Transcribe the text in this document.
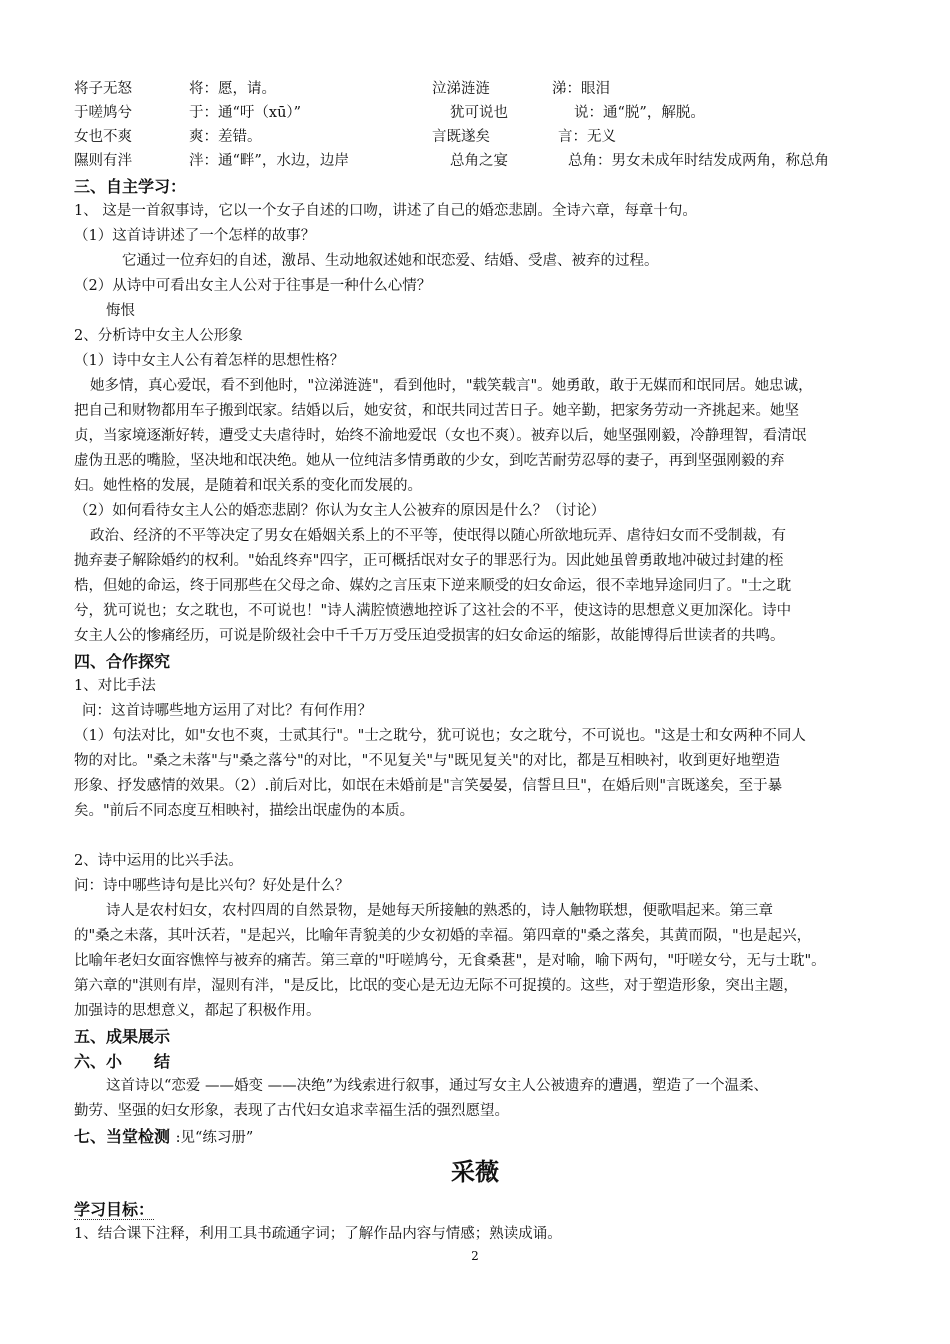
将子无怒	将：愿，请。	泣涕涟涟	涕：眼泪
于嗟鸠兮	于：通“吁（xū）”	犹可说也	说：通“脱”，解脱。
女也不爽	爽：差错。	言既遂矣	言：无义
隰则有泮	泮：通“畔”，水边，边岸	总角之宴	总角：男女未成年时结发成两角，称总角
三、自主学习：
1、 这是一首叙事诗，它以一个女子自述的口吻，讲述了自己的婚恋悲剧。全诗六章，每章十句。
（1）这首诗讲述了一个怎样的故事？
它通过一位弃妇的自述，激昂、生动地叙述她和氓恋爱、结婚、受虐、被弃的过程。
（2）从诗中可看出女主人公对于往事是一种什么心情？
悔恨
2、分析诗中女主人公形象
（1）诗中女主人公有着怎样的思想性格？
她多情，真心爱氓，看不到他时，"泣涕涟涟"，看到他时，"载笑载言"。她勇敢，敢于无媒而和氓同居。她忠诚，
把自己和财物都用车子搬到氓家。结婚以后，她安贫，和氓共同过苦日子。她辛勤，把家务劳动一齐挑起来。她坚
贞，当家境逐渐好转，遭受丈夫虐待时，始终不渝地爱氓（女也不爽）。被弃以后，她坚强刚毅，冷静理智，看清氓
虚伪丑恶的嘴脸，坚决地和氓决绝。她从一位纯洁多情勇敢的少女，到吃苦耐劳忍辱的妻子，再到坚强刚毅的弃
妇。她性格的发展，是随着和氓关系的变化而发展的。
（2）如何看待女主人公的婚恋悲剧？你认为女主人公被弃的原因是什么？（讨论）
政治、经济的不平等决定了男女在婚姻关系上的不平等，使氓得以随心所欲地玩弄、虐待妇女而不受制裁，有
抛弃妻子解除婚约的权利。"始乱终弃"四字，正可概括氓对女子的罪恶行为。因此她虽曾勇敢地冲破过封建的桎
梏，但她的命运，终于同那些在父母之命、媒妁之言压束下逆来顺受的妇女命运，很不幸地异途同归了。"士之耽
兮，犹可说也；女之耽也，不可说也！"诗人满腔愤懑地控诉了这社会的不平，使这诗的思想意义更加深化。诗中
女主人公的惨痛经历，可说是阶级社会中千千万万受压迫受损害的妇女命运的缩影，故能博得后世读者的共鸣。
四、合作探究
1、对比手法
问：这首诗哪些地方运用了对比？有何作用？
（1）句法对比，如"女也不爽，士贰其行"。"士之耽兮，犹可说也；女之耽兮，不可说也。"这是士和女两种不同人
物的对比。"桑之未落"与"桑之落兮"的对比，"不见复关"与"既见复关"的对比，都是互相映衬，收到更好地塑造
形象、抒发感情的效果。（2）.前后对比，如氓在未婚前是"言笑晏晏，信誓旦旦"，在婚后则"言既遂矣，至于暴
矣。"前后不同态度互相映衬，描绘出氓虚伪的本质。
2、诗中运用的比兴手法。
问：诗中哪些诗句是比兴句？好处是什么？
诗人是农村妇女，农村四周的自然景物，是她每天所接触的熟悉的，诗人触物联想，便歌唱起来。第三章
的"桑之未落，其叶沃若，"是起兴，比喻年青貌美的少女初婚的幸福。第四章的"桑之落矣，其黄而陨，"也是起兴，
比喻年老妇女面容憔悴与被弃的痛苦。第三章的"吁嗟鸠兮，无食桑葚"，是对喻，喻下两句，"吁嗟女兮，无与士耽"。
第六章的"淇则有岸，湿则有泮，"是反比，比氓的变心是无边无际不可捉摸的。这些，对于塑造形象，突出主题，
加强诗的思想意义，都起了积极作用。
五、成果展示
六、小　　结
这首诗以“恋爱 ——婚变 ——决绝”为线索进行叙事，通过写女主人公被遗弃的遭遇，塑造了一个温柔、
勤劳、坚强的妇女形象，表现了古代妇女追求幸福生活的强烈愿望。
七、当堂检测 :见“练习册”
采薇
学习目标：
1、结合课下注释，利用工具书疏通字词；了解作品内容与情感；熟读成诵。
2
